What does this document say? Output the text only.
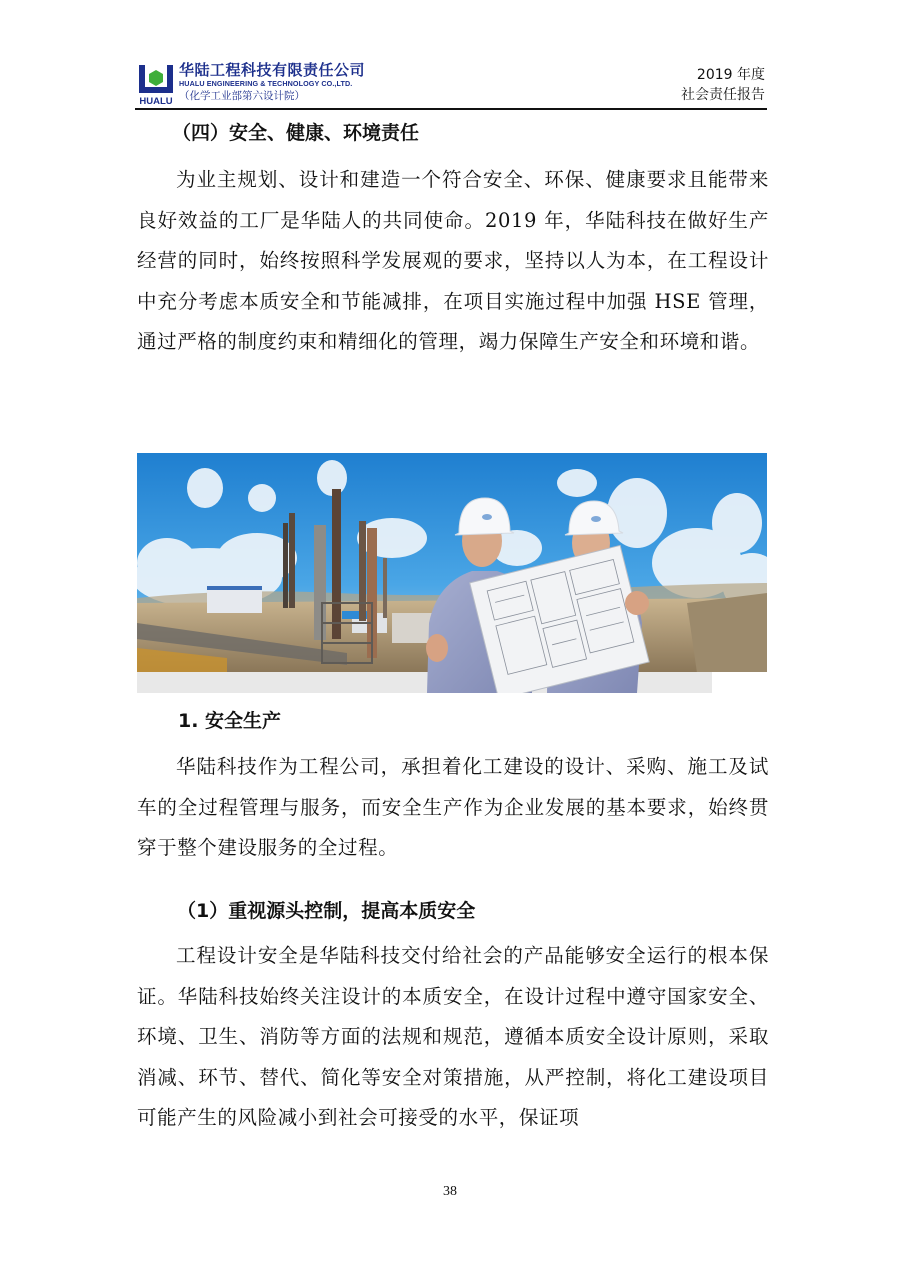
HUALU
华陆工程科技有限责任公司
HUALU ENGINEERING & TECHNOLOGY CO.,LTD.
（化学工业部第六设计院）
2019 年度
社会责任报告
（四）安全、健康、环境责任

为业主规划、设计和建造一个符合安全、环保、健康要求且能带来良好效益的工厂是华陆人的共同使命。2019 年，华陆科技在做好生产经营的同时，始终按照科学发展观的要求，坚持以人为本，在工程设计中充分考虑本质安全和节能减排，在项目实施过程中加强 HSE 管理，通过严格的制度约束和精细化的管理，竭力保障生产安全和环境和谐。

1. 安全生产

华陆科技作为工程公司，承担着化工建设的设计、采购、施工及试车的全过程管理与服务，而安全生产作为企业发展的基本要求，始终贯穿于整个建设服务的全过程。

（1）重视源头控制，提高本质安全

工程设计安全是华陆科技交付给社会的产品能够安全运行的根本保证。华陆科技始终关注设计的本质安全，在设计过程中遵守国家安全、环境、卫生、消防等方面的法规和规范，遵循本质安全设计原则，采取消减、环节、替代、简化等安全对策措施，从严控制，将化工建设项目可能产生的风险减小到社会可接受的水平，保证项

38
